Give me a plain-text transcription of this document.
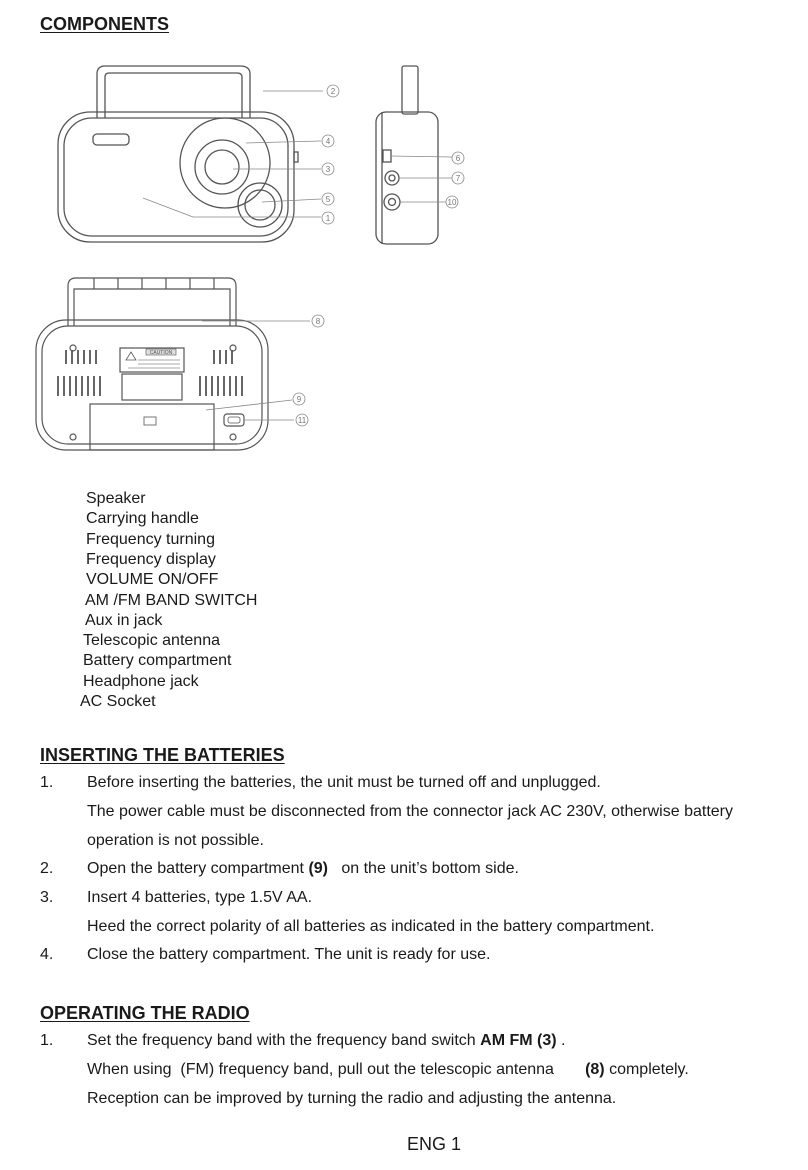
COMPONENTS
2
4
3
5
1
6
7
10
CAUTION
8
9
11
Speaker
Carrying handle
Frequency turning
Frequency display
VOLUME ON/OFF
AM /FM BAND SWITCH
Aux in jack
Telescopic antenna
Battery compartment
Headphone jack
AC Socket
INSERTING THE BATTERIES
1. Before inserting the batteries, the unit must be turned off and unplugged.
The power cable must be disconnected from the connector jack AC 230V, otherwise battery
operation is not possible.
2. Open the battery compartment (9)   on the unit’s bottom side.
3. Insert 4 batteries, type 1.5V AA.
Heed the correct polarity of all batteries as indicated in the battery compartment.
4. Close the battery compartment. The unit is ready for use.
OPERATING THE RADIO
1. Set the frequency band with the frequency band switch AM FM (3) .
When using  (FM) frequency band, pull out the telescopic antenna       (8) completely.
Reception can be improved by turning the radio and adjusting the antenna.
ENG 1
